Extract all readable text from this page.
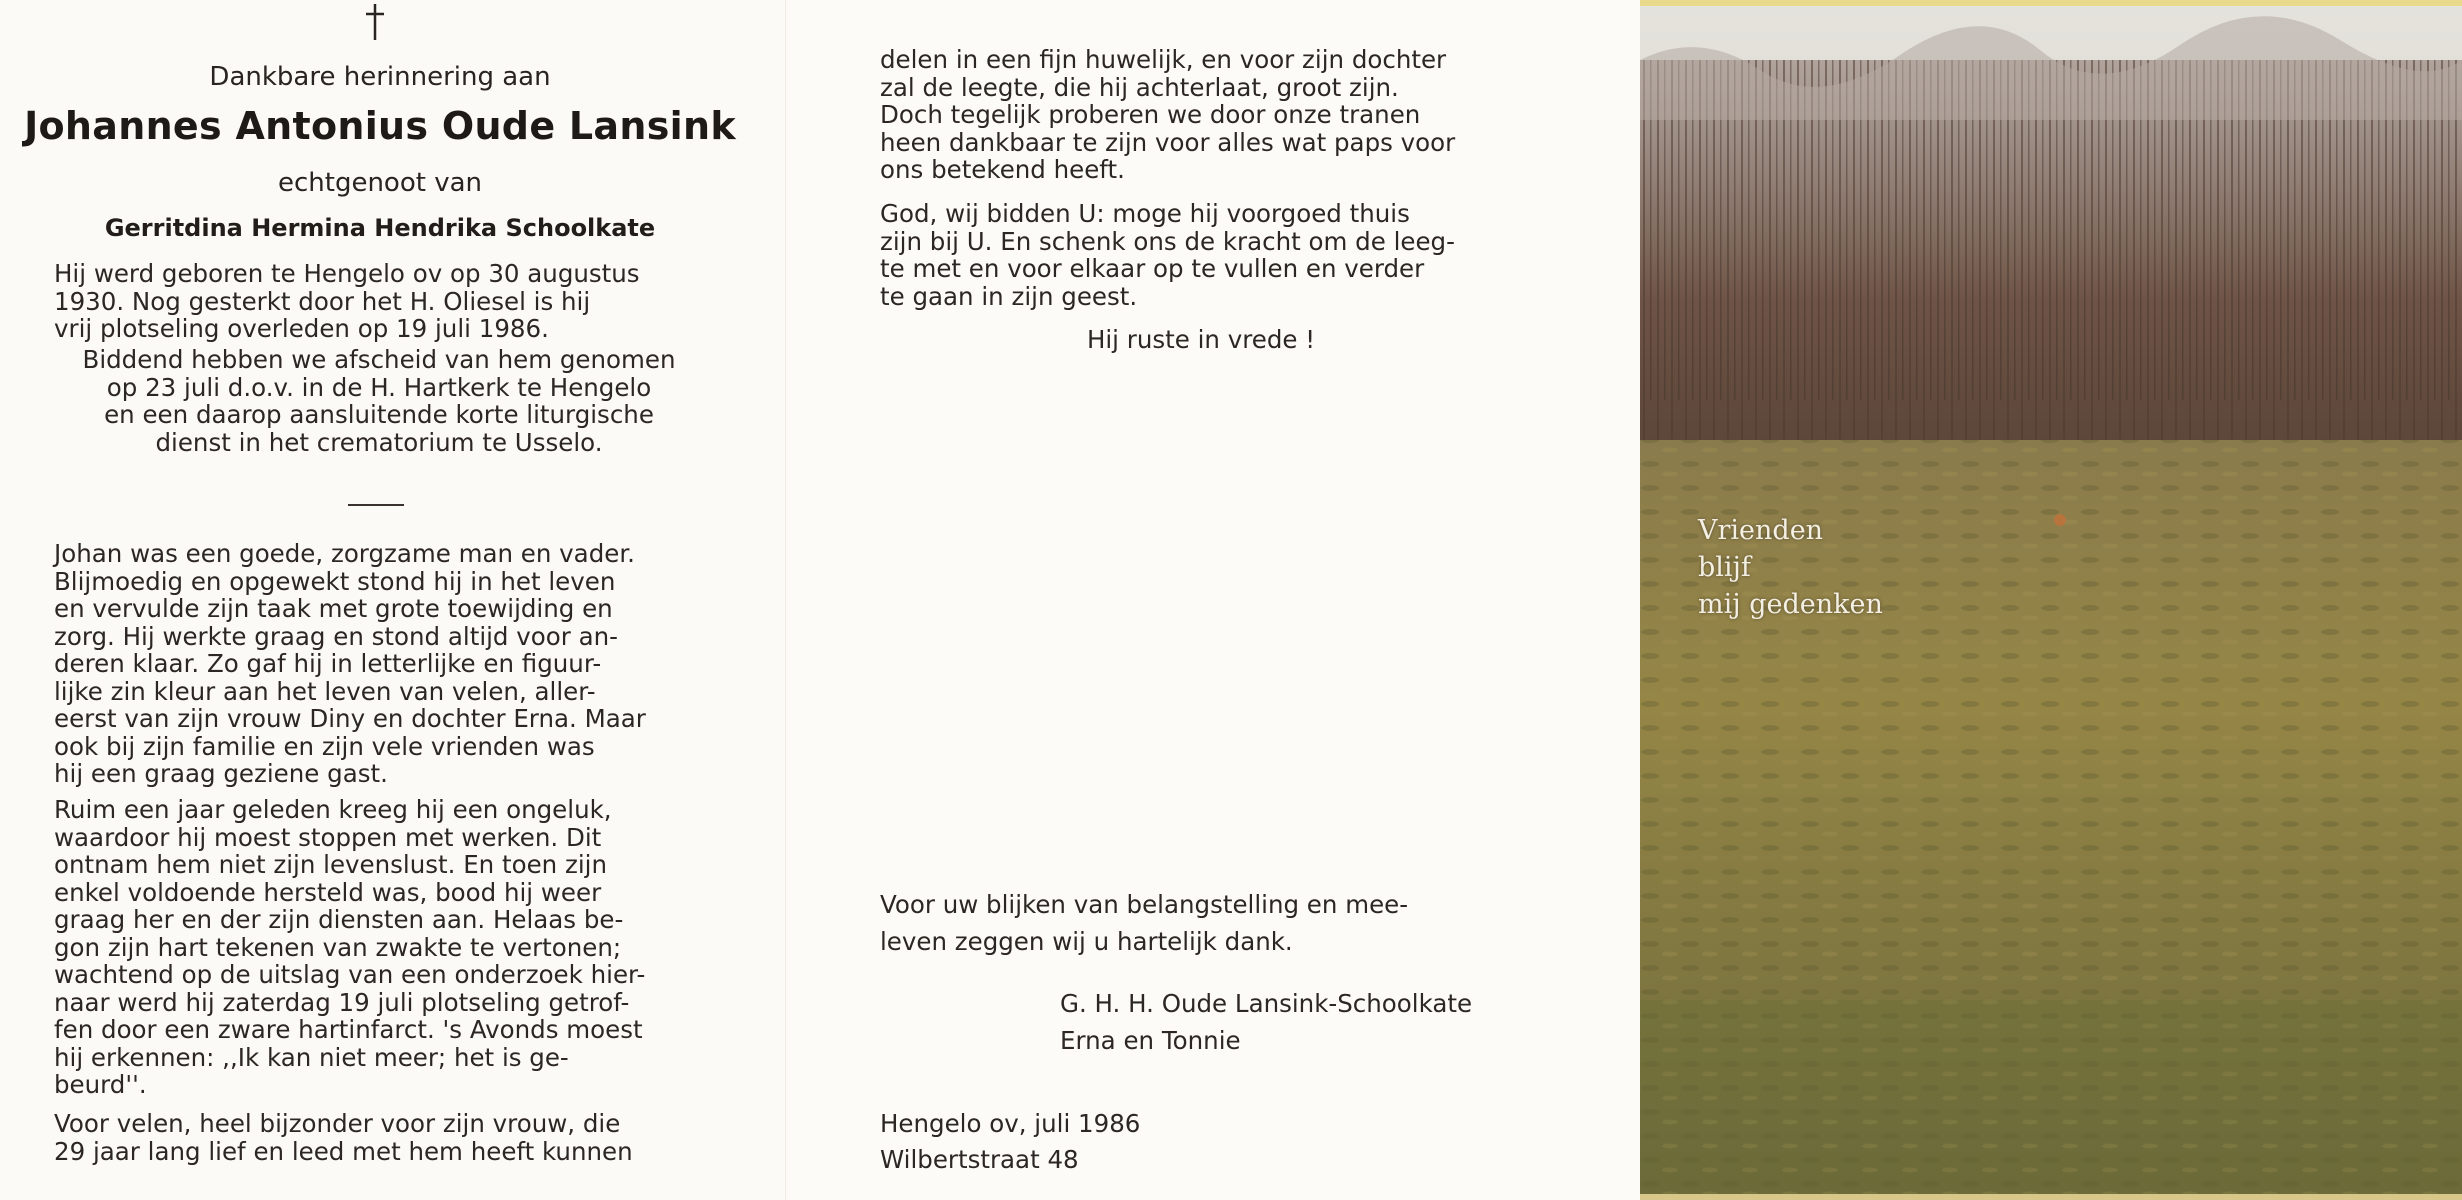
Dankbare herinnering aan
Johannes Antonius Oude Lansink
echtgenoot van
Gerritdina Hermina Hendrika Schoolkate
Hij werd geboren te Hengelo ov op 30 augustus
1930. Nog gesterkt door het H. Oliesel is hij
vrij plotseling overleden op 19 juli 1986.
Biddend hebben we afscheid van hem genomen
op 23 juli d.o.v. in de H. Hartkerk te Hengelo
en een daarop aansluitende korte liturgische
dienst in het crematorium te Usselo.
Johan was een goede, zorgzame man en vader.
Blijmoedig en opgewekt stond hij in het leven
en vervulde zijn taak met grote toewijding en
zorg. Hij werkte graag en stond altijd voor an-
deren klaar. Zo gaf hij in letterlijke en figuur-
lijke zin kleur aan het leven van velen, aller-
eerst van zijn vrouw Diny en dochter Erna. Maar
ook bij zijn familie en zijn vele vrienden was
hij een graag geziene gast.
Ruim een jaar geleden kreeg hij een ongeluk,
waardoor hij moest stoppen met werken. Dit
ontnam hem niet zijn levenslust. En toen zijn
enkel voldoende hersteld was, bood hij weer
graag her en der zijn diensten aan. Helaas be-
gon zijn hart tekenen van zwakte te vertonen;
wachtend op de uitslag van een onderzoek hier-
naar werd hij zaterdag 19 juli plotseling getrof-
fen door een zware hartinfarct. 's Avonds moest
hij erkennen: ,,Ik kan niet meer; het is ge-
beurd''.
Voor velen, heel bijzonder voor zijn vrouw, die
29 jaar lang lief en leed met hem heeft kunnen
delen in een fijn huwelijk, en voor zijn dochter
zal de leegte, die hij achterlaat, groot zijn.
Doch tegelijk proberen we door onze tranen
heen dankbaar te zijn voor alles wat paps voor
ons betekend heeft.
God, wij bidden U: moge hij voorgoed thuis
zijn bij U. En schenk ons de kracht om de leeg-
te met en voor elkaar op te vullen en verder
te gaan in zijn geest.
Hij ruste in vrede !
Voor uw blijken van belangstelling en mee-
leven zeggen wij u hartelijk dank.
G. H. H. Oude Lansink-Schoolkate
Erna en Tonnie
Hengelo ov, juli 1986
Wilbertstraat 48
Vrienden
blijf
mij gedenken
